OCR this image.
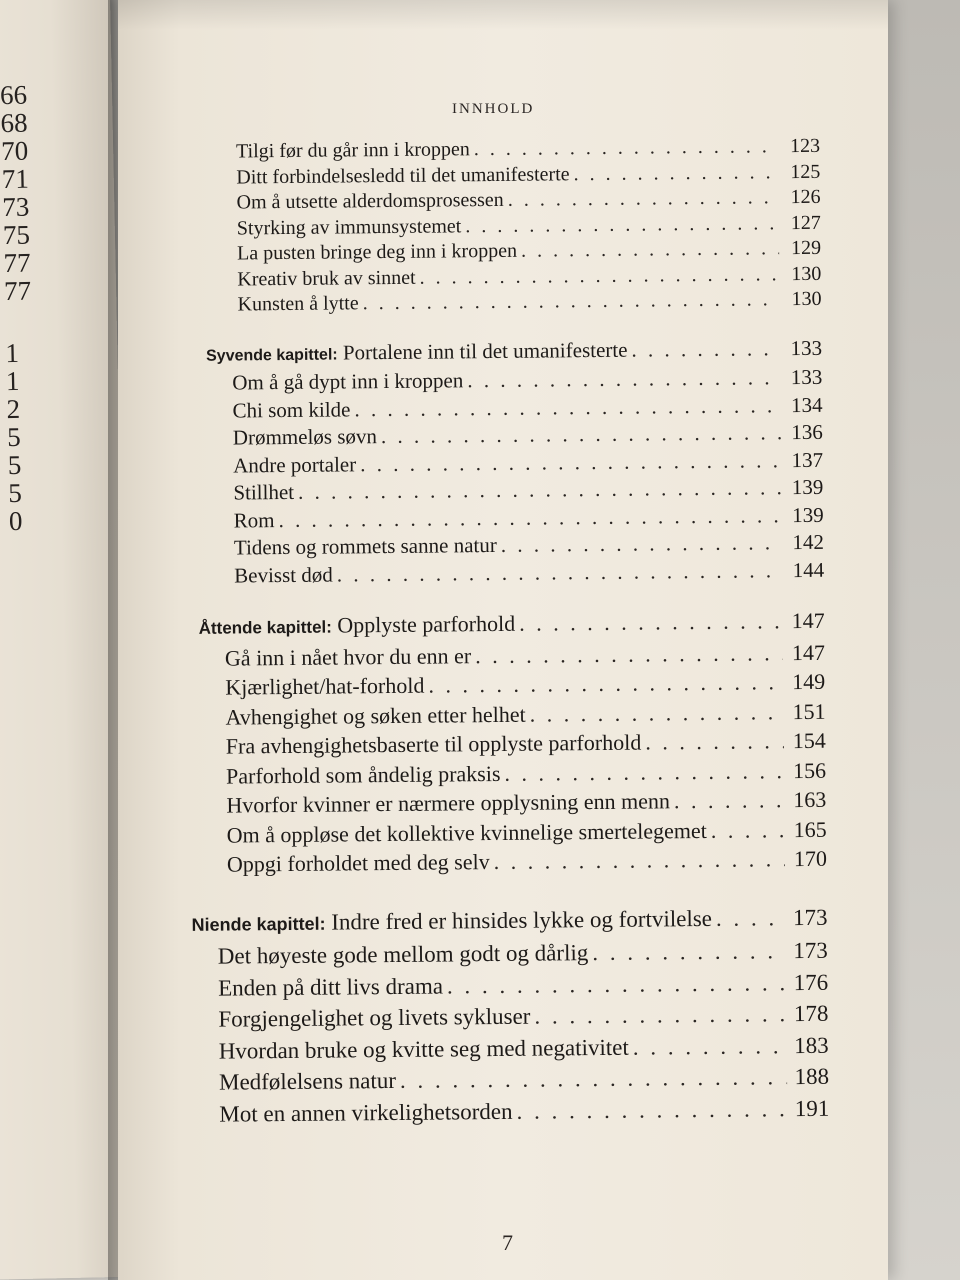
66
68
70
71
73
75
77
77
1
1
2
5
5
5
0
INNHOLD
Tilgi før du går inn i kroppen . . .	123
Ditt forbindelsesledd til det umanifesterte . . .	125
Om å utsette alderdomsprosessen . . .	126
Styrking av immunsystemet . . .	127
La pusten bringe deg inn i kroppen . . .	129
Kreativ bruk av sinnet . . .	130
Kunsten å lytte . . .	130
Syvende kapittel: Portalene inn til det umanifesterte . . .	133
Om å gå dypt inn i kroppen . . .	133
Chi som kilde . . .	134
Drømmeløs søvn . . .	136
Andre portaler . . .	137
Stillhet . . .	139
Rom . . .	139
Tidens og rommets sanne natur . . .	142
Bevisst død . . .	144
Åttende kapittel: Opplyste parforhold . . .	147
Gå inn i nået hvor du enn er . . .	147
Kjærlighet/hat-forhold . . .	149
Avhengighet og søken etter helhet . . .	151
Fra avhengighetsbaserte til opplyste parforhold . . .	154
Parforhold som åndelig praksis . . .	156
Hvorfor kvinner er nærmere opplysning enn menn . . .	163
Om å oppløse det kollektive kvinnelige smertelegemet . . .	165
Oppgi forholdet med deg selv . . .	170
Niende kapittel: Indre fred er hinsides lykke og fortvilelse . . .	173
Det høyeste gode mellom godt og dårlig . . .	173
Enden på ditt livs drama . . .	176
Forgjengelighet og livets sykluser . . .	178
Hvordan bruke og kvitte seg med negativitet . . .	183
Medfølelsens natur . . .	188
Mot en annen virkelighetsorden . . .	191
7
